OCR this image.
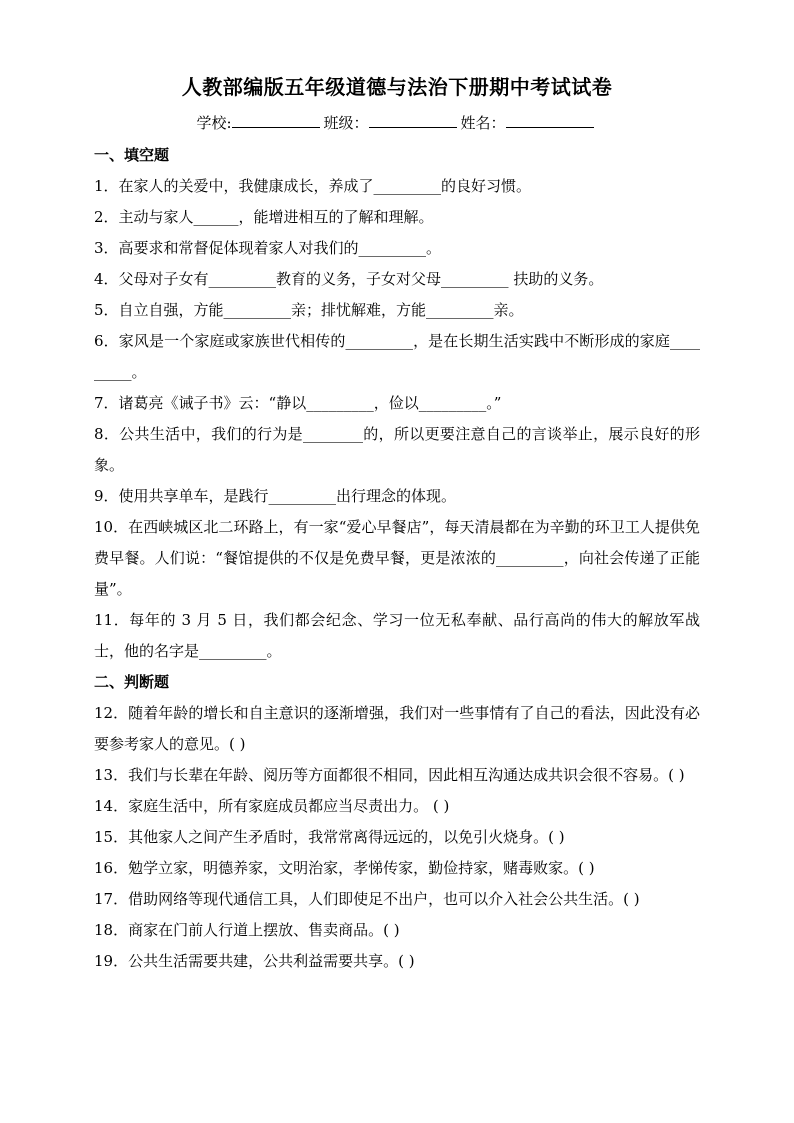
人教部编版五年级道德与法治下册期中考试试卷
学校:	班级：	姓名：

一、填空题

1．在家人的关爱中，我健康成长，养成了_________的良好习惯。

2．主动与家人______，能增进相互的了解和理解。

3．高要求和常督促体现着家人对我们的_________。

4．父母对子女有_________教育的义务，子女对父母_________ 扶助的义务。

5．自立自强，方能_________亲；排忧解难，方能_________亲。

6．家风是一个家庭或家族世代相传的_________，是在长期生活实践中不断形成的家庭_________。

7．诸葛亮《诫子书》云：“静以_________，俭以_________。”

8．公共生活中，我们的行为是________的，所以更要注意自己的言谈举止，展示良好的形象。

9．使用共享单车，是践行_________出行理念的体现。

10．在西峡城区北二环路上，有一家“爱心早餐店”，每天清晨都在为辛勤的环卫工人提供免费早餐。人们说：“餐馆提供的不仅是免费早餐，更是浓浓的_________，向社会传递了正能量”。

11．每年的 3 月 5 日，我们都会纪念、学习一位无私奉献、品行高尚的伟大的解放军战士，他的名字是_________。

二、判断题

12．随着年龄的增长和自主意识的逐渐增强，我们对一些事情有了自己的看法，因此没有必要参考家人的意见。( )

13．我们与长辈在年龄、阅历等方面都很不相同，因此相互沟通达成共识会很不容易。( )

14．家庭生活中，所有家庭成员都应当尽责出力。 ( )

15．其他家人之间产生矛盾时，我常常离得远远的，以免引火烧身。( )

16．勉学立家，明德养家，文明治家，孝悌传家，勤俭持家，赌毒败家。( )

17．借助网络等现代通信工具，人们即使足不出户，也可以介入社会公共生活。( )

18．商家在门前人行道上摆放、售卖商品。( )

19．公共生活需要共建，公共利益需要共享。( )
